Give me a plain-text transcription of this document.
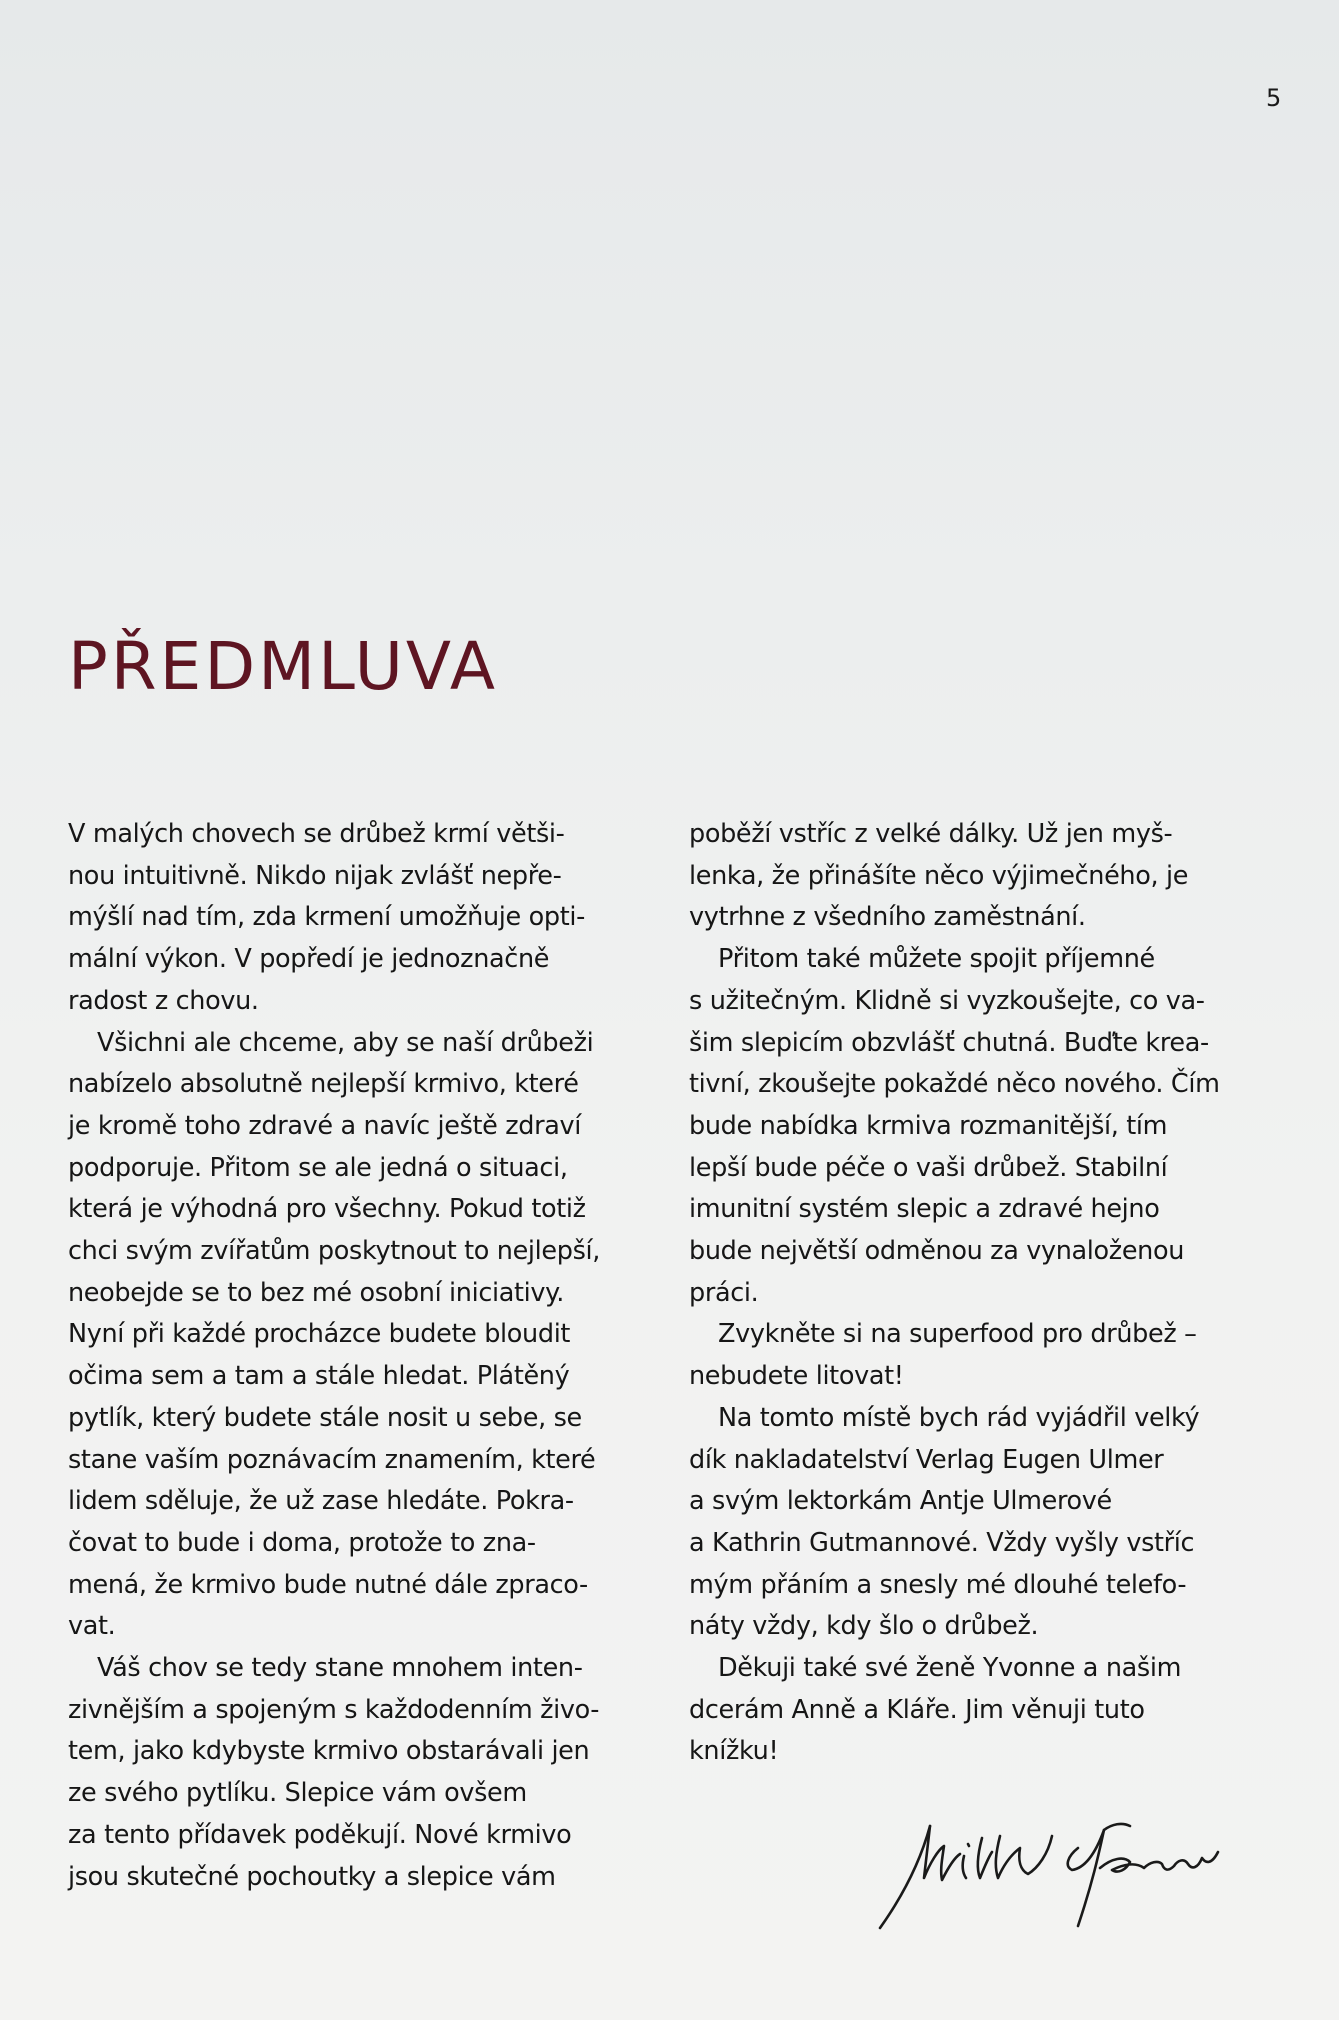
5
PŘEDMLUVA
V malých chovech se drůbež krmí větši-
nou intuitivně. Nikdo nijak zvlášť nepře-
mýšlí nad tím, zda krmení umožňuje opti-
mální výkon. V popředí je jednoznačně
radost z chovu.
Všichni ale chceme, aby se naší drůbeži
nabízelo absolutně nejlepší krmivo, které
je kromě toho zdravé a navíc ještě zdraví
podporuje. Přitom se ale jedná o situaci,
která je výhodná pro všechny. Pokud totiž
chci svým zvířatům poskytnout to nejlepší,
neobejde se to bez mé osobní iniciativy.
Nyní při každé procházce budete bloudit
očima sem a tam a stále hledat. Plátěný
pytlík, který budete stále nosit u sebe, se
stane vaším poznávacím znamením, které
lidem sděluje, že už zase hledáte. Pokra-
čovat to bude i doma, protože to zna-
mená, že krmivo bude nutné dále zpraco-
vat.
Váš chov se tedy stane mnohem inten-
zivnějším a spojeným s každodenním živo-
tem, jako kdybyste krmivo obstarávali jen
ze svého pytlíku. Slepice vám ovšem
za tento přídavek poděkují. Nové krmivo
jsou skutečné pochoutky a slepice vám
poběží vstříc z velké dálky. Už jen myš-
lenka, že přinášíte něco výjimečného, je
vytrhne z všedního zaměstnání.
Přitom také můžete spojit příjemné
s užitečným. Klidně si vyzkoušejte, co va-
šim slepicím obzvlášť chutná. Buďte krea-
tivní, zkoušejte pokaždé něco nového. Čím
bude nabídka krmiva rozmanitější, tím
lepší bude péče o vaši drůbež. Stabilní
imunitní systém slepic a zdravé hejno
bude největší odměnou za vynaloženou
práci.
Zvykněte si na superfood pro drůbež –
nebudete litovat!
Na tomto místě bych rád vyjádřil velký
dík nakladatelství Verlag Eugen Ulmer
a svým lektorkám Antje Ulmerové
a Kathrin Gutmannové. Vždy vyšly vstříc
mým přáním a snesly mé dlouhé telefo-
náty vždy, kdy šlo o drůbež.
Děkuji také své ženě Yvonne a našim
dcerám Anně a Kláře. Jim věnuji tuto
knížku!
